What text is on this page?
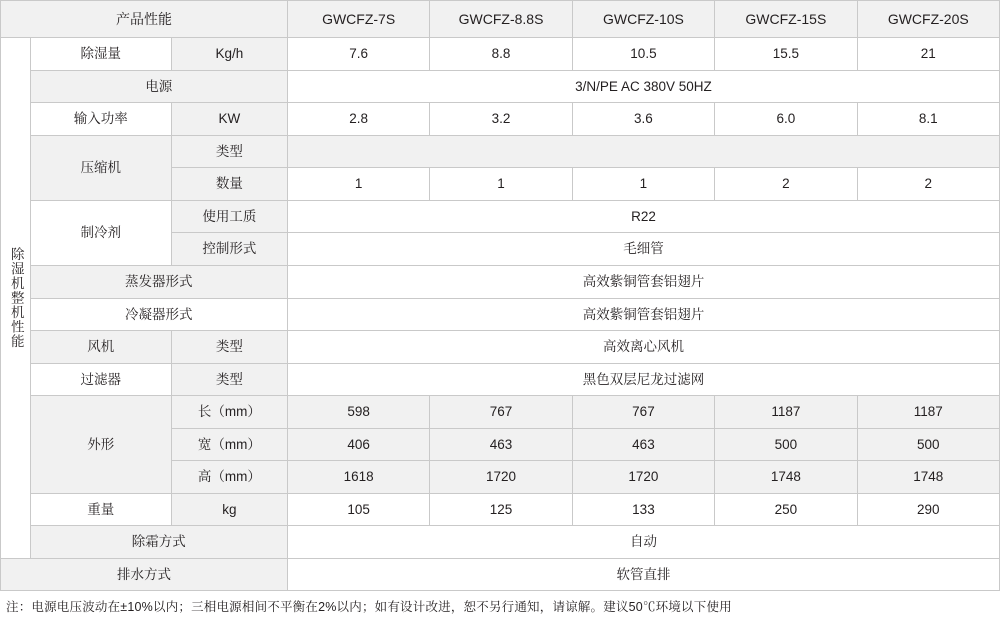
产品性能			GWCFZ-7S	GWCFZ-8.8S	GWCFZ-10S	GWCFZ-15S	GWCFZ-20S

除湿机整机性能	除湿量	Kg/h	7.6	8.8	10.5	15.5	21
	电源		3/N/PE AC 380V 50HZ				
	输入功率	KW	2.8	3.2	3.6	6.0	8.1
	压缩机	类型					
		数量	1	1	1	2	2
	制冷剂	使用工质	R22				
		控制形式	毛细管				
	蒸发器形式		高效紫铜管套铝翅片				
	冷凝器形式		高效紫铜管套铝翅片				
	风机	类型	高效离心风机				
	过滤器	类型	黑色双层尼龙过滤网				
	外形	长（mm）	598	767	767	1187	1187
		宽（mm）	406	463	463	500	500
		高（mm）	1618	1720	1720	1748	1748
	重量	kg	105	125	133	250	290
	除霜方式		自动				
排水方式			软管直排				
注：电源电压波动在±10%以内；三相电源相间不平衡在2%以内；如有设计改进，恕不另行通知，请谅解。建议50℃环境以下使用
